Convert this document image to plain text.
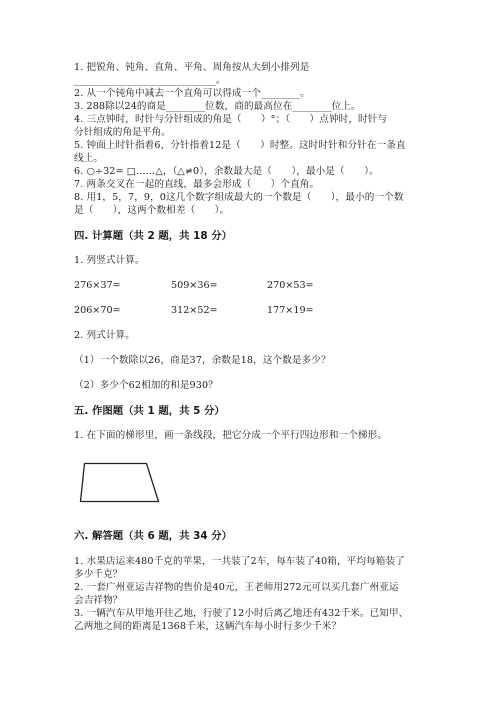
1. 把锐角、钝角、直角、平角、周角按从大到小排列是
_____________________________。
2. 从一个钝角中减去一个直角可以得成一个________。
3. 288除以24的商是________位数，商的最高位在________位上。
4. 三点钟时，时针与分针组成的角是（　　）°；（　　）点钟时，时针与
分针组成的角是平角。
5. 钟面上时针指着6，分针指着12是（　　）时整。这时时针和分针在一条直
线上。
6. ○÷32= □……△，（△≠0），余数最大是（　　），最小是（　　）。
7. 两条交叉在一起的直线，最多会形成（　　）个直角。
8. 用1，5，7，9，0这几个数字组成最大的一个数是（　　），最小的一个数
是（　　），这两个数相差（　　）。
四. 计算题（共 2 题，共 18 分）
1. 列竖式计算。
276×37=	509×36=	270×53=
206×70=	312×52=	177×19=
2. 列式计算。
（1）一个数除以26，商是37，余数是18，这个数是多少？
（2）多少个62相加的和是930？
五. 作图题（共 1 题，共 5 分）
1. 在下面的梯形里，画一条线段，把它分成一个平行四边形和一个梯形。
六. 解答题（共 6 题，共 34 分）
1. 水果店运来480千克的苹果，一共装了2车，每车装了40箱，平均每箱装了
多少千克？
2. 一套广州亚运吉祥物的售价是40元，王老师用272元可以买几套广州亚运
会吉祥物？
3. 一辆汽车从甲地开往乙地，行驶了12小时后离乙地还有432千米。已知甲、
乙两地之间的距离是1368千米，这辆汽车每小时行多少千米？
